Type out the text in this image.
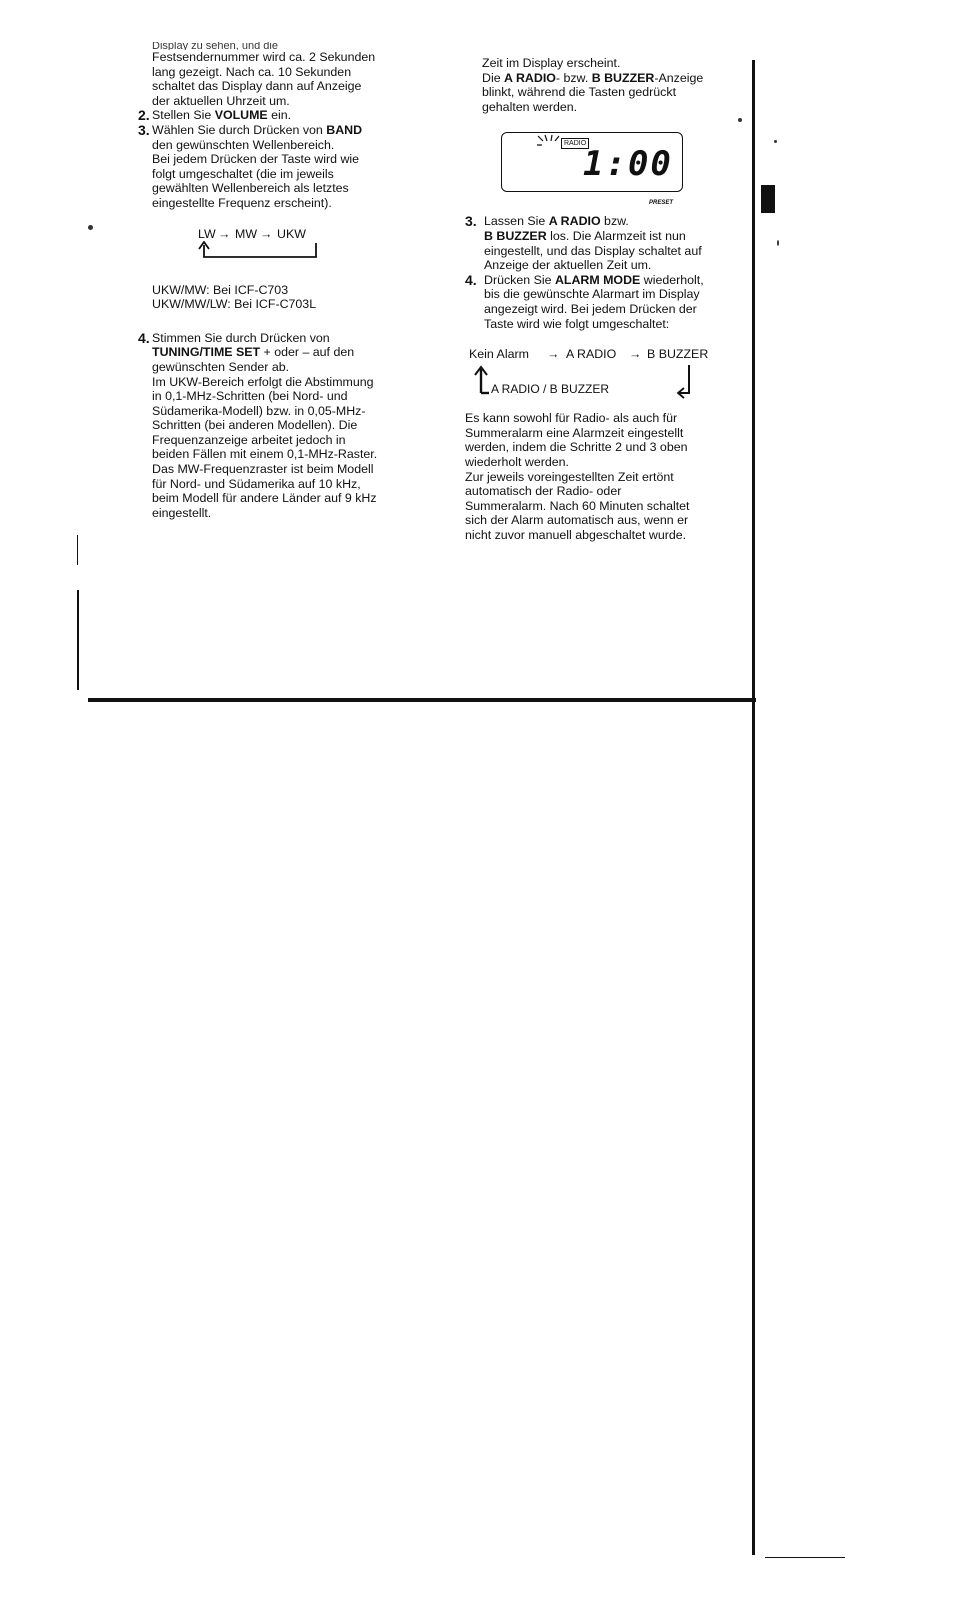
Display zu sehen, und die

Festsendernummer wird ca. 2 Sekunden

lang gezeigt. Nach ca. 10 Sekunden

schaltet das Display dann auf Anzeige

der aktuellen Uhrzeit um.

2. Stellen Sie VOLUME ein.

3. Wählen Sie durch Drücken von BAND

den gewünschten Wellenbereich.

Bei jedem Drücken der Taste wird wie

folgt umgeschaltet (die im jeweils

gewählten Wellenbereich als letztes

eingestellte Frequenz erscheint).

LW → MW → UKW

UKW/MW: Bei ICF-C703

UKW/MW/LW: Bei ICF-C703L

4. Stimmen Sie durch Drücken von

TUNING/TIME SET + oder – auf den

gewünschten Sender ab.

Im UKW-Bereich erfolgt die Abstimmung

in 0,1-MHz-Schritten (bei Nord- und

Südamerika-Modell) bzw. in 0,05-MHz-

Schritten (bei anderen Modellen). Die

Frequenzanzeige arbeitet jedoch in

beiden Fällen mit einem 0,1-MHz-Raster.

Das MW-Frequenzraster ist beim Modell

für Nord- und Südamerika auf 10 kHz,

beim Modell für andere Länder auf 9 kHz

eingestellt.

Zeit im Display erscheint.

Die A RADIO- bzw. B BUZZER-Anzeige

blinkt, während die Tasten gedrückt

gehalten werden.

RADIO
1:00
PRESET
3. Lassen Sie A RADIO bzw.

B BUZZER los. Die Alarmzeit ist nun

eingestellt, und das Display schaltet auf

Anzeige der aktuellen Zeit um.

4. Drücken Sie ALARM MODE wiederholt,

bis die gewünschte Alarmart im Display

angezeigt wird. Bei jedem Drücken der

Taste wird wie folgt umgeschaltet:

Kein Alarm → A RADIO → B BUZZER
A RADIO / B BUZZER

Es kann sowohl für Radio- als auch für

Summeralarm eine Alarmzeit eingestellt

werden, indem die Schritte 2 und 3 oben

wiederholt werden.

Zur jeweils voreingestellten Zeit ertönt

automatisch der Radio- oder

Summeralarm. Nach 60 Minuten schaltet

sich der Alarm automatisch aus, wenn er

nicht zuvor manuell abgeschaltet wurde.
